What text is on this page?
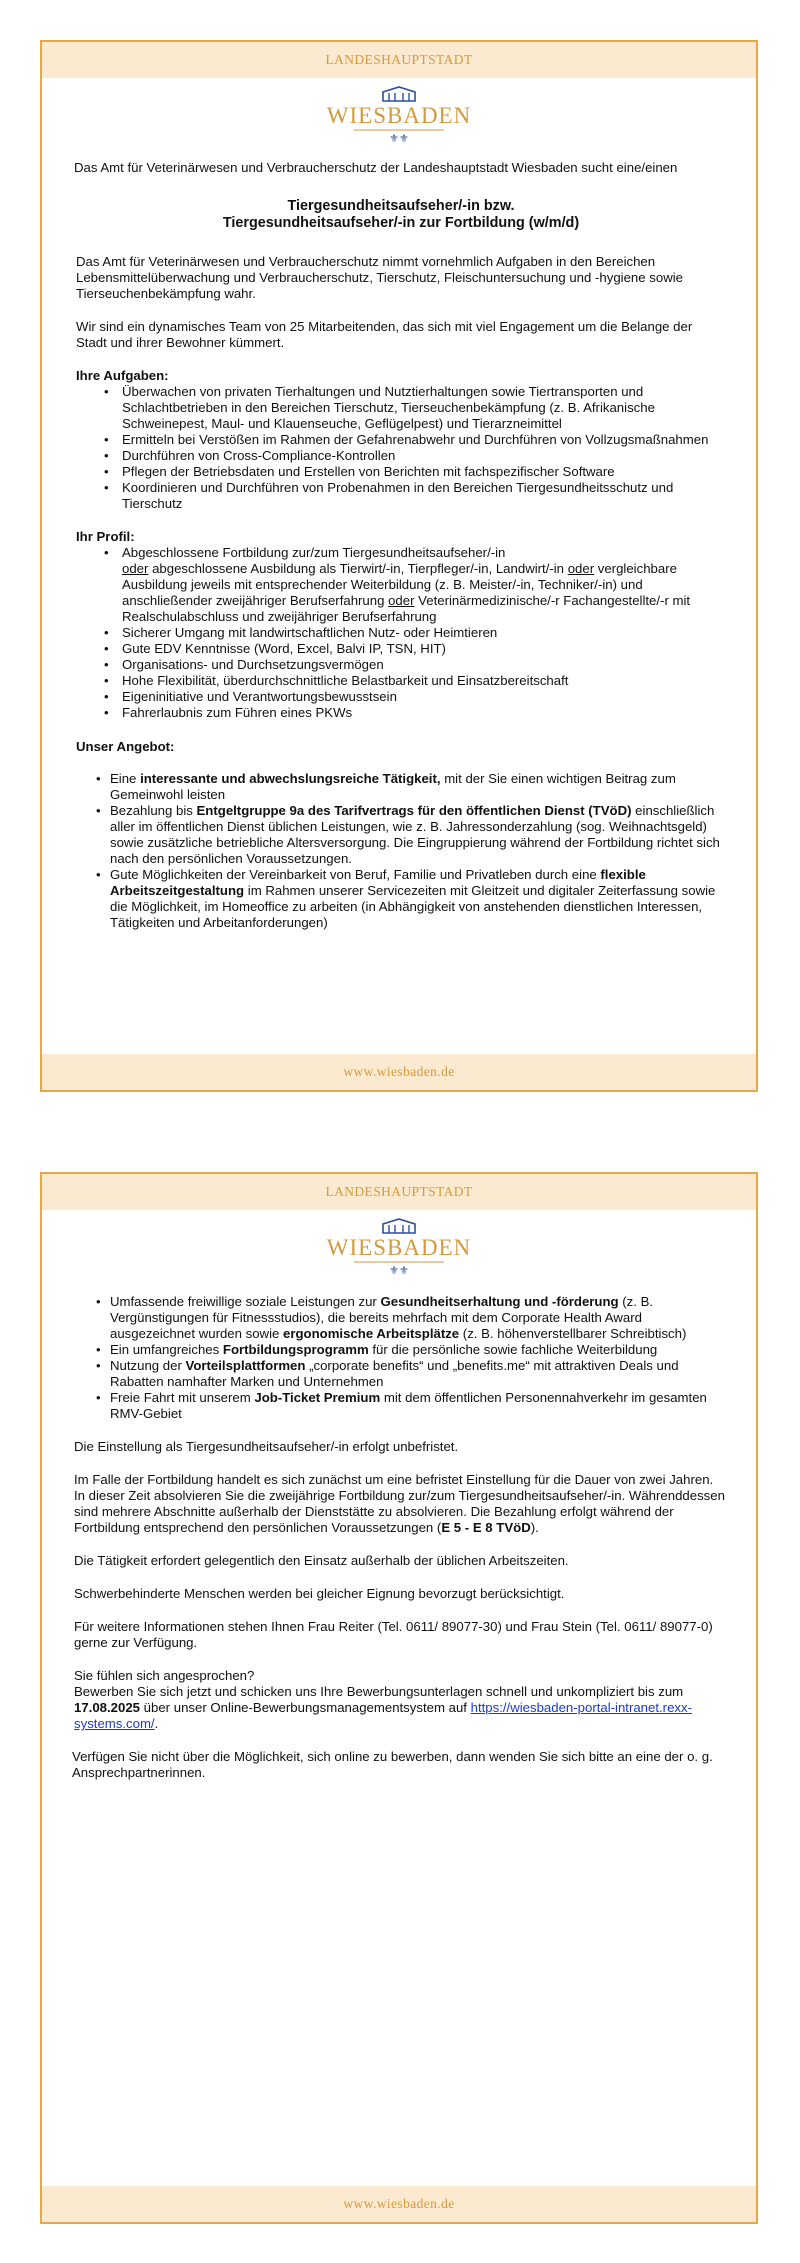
LANDESHAUPTSTADT
WIESBADEN
⚜⚜

Das Amt für Veterinärwesen und Verbraucherschutz der Landeshauptstadt Wiesbaden sucht eine/einen

Tiergesundheitsaufseher/-in bzw.
Tiergesundheitsaufseher/-in zur Fortbildung (w/m/d)

Das Amt für Veterinärwesen und Verbraucherschutz nimmt vornehmlich Aufgaben in den Bereichen Lebensmittelüberwachung und Verbraucherschutz, Tierschutz, Fleischuntersuchung und -hygiene sowie Tierseuchenbekämpfung wahr.

Wir sind ein dynamisches Team von 25 Mitarbeitenden, das sich mit viel Engagement um die Belange der Stadt und ihrer Bewohner kümmert.

Ihre Aufgaben:
• Überwachen von privaten Tierhaltungen und Nutztierhaltungen sowie Tiertransporten und Schlachtbetrieben in den Bereichen Tierschutz, Tierseuchenbekämpfung (z. B. Afrikanische Schweinepest, Maul- und Klauenseuche, Geflügelpest) und Tierarzneimittel
• Ermitteln bei Verstößen im Rahmen der Gefahrenabwehr und Durchführen von Vollzugsmaßnahmen
• Durchführen von Cross-Compliance-Kontrollen
• Pflegen der Betriebsdaten und Erstellen von Berichten mit fachspezifischer Software
• Koordinieren und Durchführen von Probenahmen in den Bereichen Tiergesundheitsschutz und Tierschutz
Ihr Profil:
• Abgeschlossene Fortbildung zur/zum Tiergesundheitsaufseher/-in
oder abgeschlossene Ausbildung als Tierwirt/-in, Tierpfleger/-in, Landwirt/-in oder vergleichbare Ausbildung jeweils mit entsprechender Weiterbildung (z. B. Meister/-in, Techniker/-in) und anschließender zweijähriger Berufserfahrung oder Veterinärmedizinische/-r Fachangestellte/-r mit Realschulabschluss und zweijähriger Berufserfahrung
• Sicherer Umgang mit landwirtschaftlichen Nutz- oder Heimtieren
• Gute EDV Kenntnisse (Word, Excel, Balvi IP, TSN, HIT)
• Organisations- und Durchsetzungsvermögen
• Hohe Flexibilität, überdurchschnittliche Belastbarkeit und Einsatzbereitschaft
• Eigeninitiative und Verantwortungsbewusstsein
• Fahrerlaubnis zum Führen eines PKWs
Unser Angebot:
• Eine interessante und abwechslungsreiche Tätigkeit, mit der Sie einen wichtigen Beitrag zum Gemeinwohl leisten
• Bezahlung bis Entgeltgruppe 9a des Tarifvertrags für den öffentlichen Dienst (TVöD) einschließlich aller im öffentlichen Dienst üblichen Leistungen, wie z. B. Jahressonderzahlung (sog. Weihnachtsgeld) sowie zusätzliche betriebliche Altersversorgung. Die Eingruppierung während der Fortbildung richtet sich nach den persönlichen Voraussetzungen.
• Gute Möglichkeiten der Vereinbarkeit von Beruf, Familie und Privatleben durch eine flexible Arbeitszeitgestaltung im Rahmen unserer Servicezeiten mit Gleitzeit und digitaler Zeiterfassung sowie die Möglichkeit, im Homeoffice zu arbeiten (in Abhängigkeit von anstehenden dienstlichen Interessen, Tätigkeiten und Arbeitanforderungen)
www.wiesbaden.de
LANDESHAUPTSTADT
WIESBADEN
⚜⚜
• Umfassende freiwillige soziale Leistungen zur Gesundheitserhaltung und -förderung (z. B. Vergünstigungen für Fitnessstudios), die bereits mehrfach mit dem Corporate Health Award ausgezeichnet wurden sowie ergonomische Arbeitsplätze (z. B. höhenverstellbarer Schreibtisch)
• Ein umfangreiches Fortbildungsprogramm für die persönliche sowie fachliche Weiterbildung
• Nutzung der Vorteilsplattformen „corporate benefits“ und „benefits.me“ mit attraktiven Deals und Rabatten namhafter Marken und Unternehmen
• Freie Fahrt mit unserem Job-Ticket Premium mit dem öffentlichen Personennahverkehr im gesamten RMV-Gebiet

Die Einstellung als Tiergesundheitsaufseher/-in erfolgt unbefristet.

Im Falle der Fortbildung handelt es sich zunächst um eine befristet Einstellung für die Dauer von zwei Jahren. In dieser Zeit absolvieren Sie die zweijährige Fortbildung zur/zum Tiergesundheitsaufseher/-in. Währenddessen sind mehrere Abschnitte außerhalb der Dienststätte zu absolvieren. Die Bezahlung erfolgt während der Fortbildung entsprechend den persönlichen Voraussetzungen (E 5 - E 8 TVöD).

Die Tätigkeit erfordert gelegentlich den Einsatz außerhalb der üblichen Arbeitszeiten.

Schwerbehinderte Menschen werden bei gleicher Eignung bevorzugt berücksichtigt.

Für weitere Informationen stehen Ihnen Frau Reiter (Tel. 0611/ 89077-30) und Frau Stein (Tel. 0611/ 89077-0) gerne zur Verfügung.

Sie fühlen sich angesprochen?
Bewerben Sie sich jetzt und schicken uns Ihre Bewerbungsunterlagen schnell und unkompliziert bis zum 17.08.2025 über unser Online-Bewerbungsmanagementsystem auf https://wiesbaden-portal-intranet.rexx-systems.com/.

Verfügen Sie nicht über die Möglichkeit, sich online zu bewerben, dann wenden Sie sich bitte an eine der o. g. Ansprechpartnerinnen.

www.wiesbaden.de
